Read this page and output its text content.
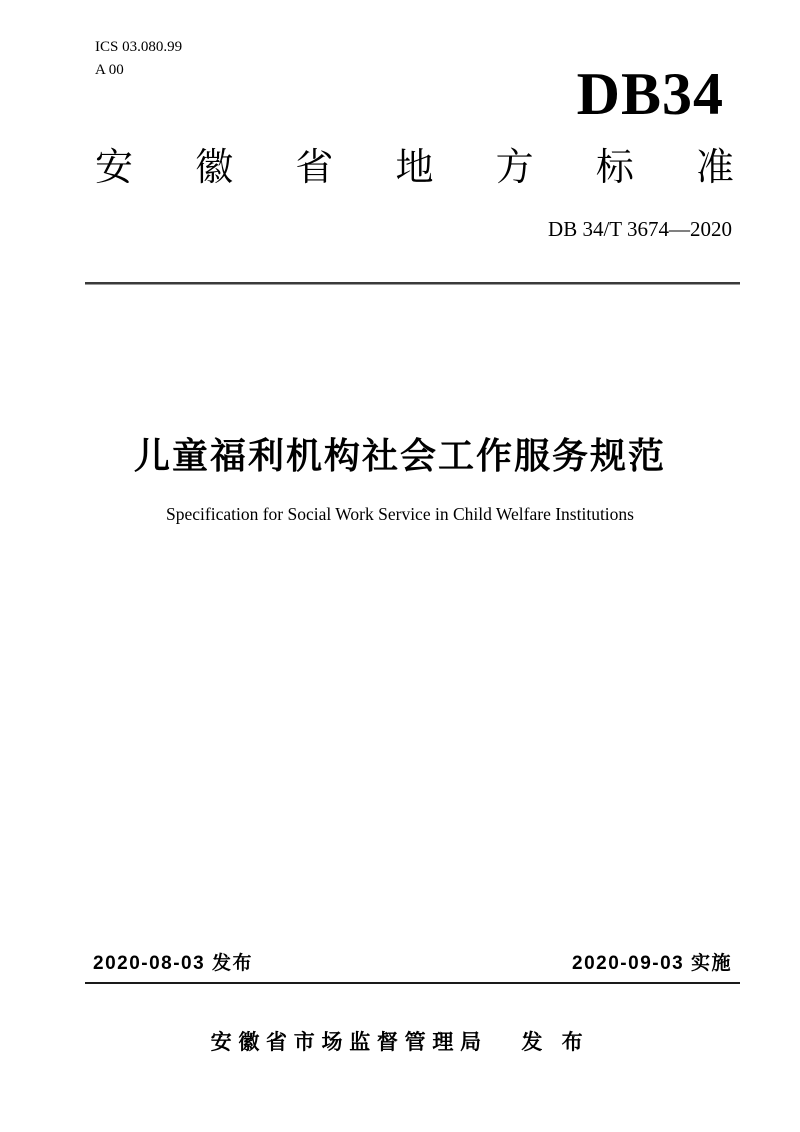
ICS 03.080.99
A 00	DB34
安 徽 省 地 方 标 准
DB 34/T 3674—2020
儿童福利机构社会工作服务规范
Specification for Social Work Service in Child Welfare Institutions
2020-08-03 发布	2020-09-03 实施
安徽省市场监督管理局 发 布
